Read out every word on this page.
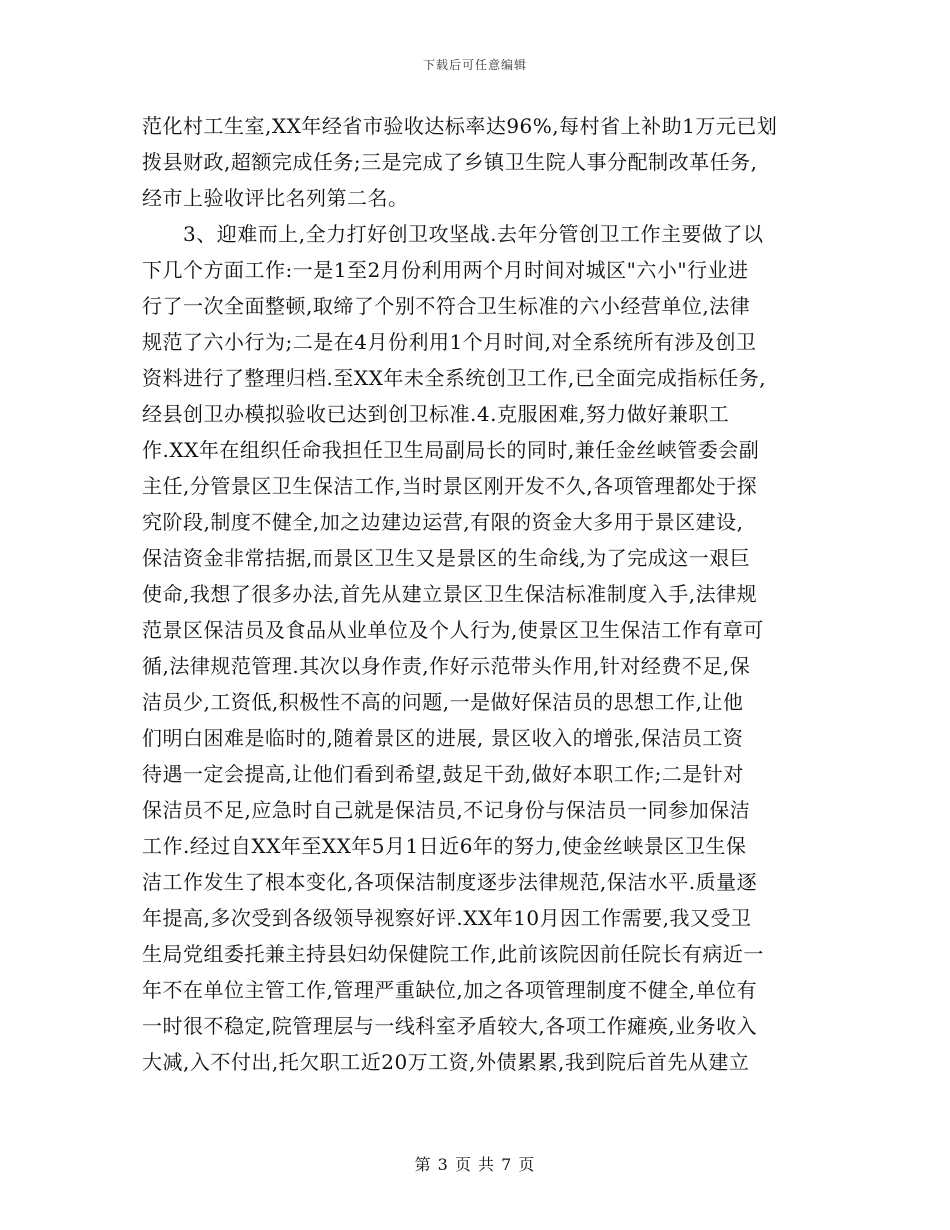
下载后可任意编辑
范化村工生室,XX年经省市验收达标率达96%,每村省上补助1万元已划
拨县财政,超额完成任务;三是完成了乡镇卫生院人事分配制改革任务,
经市上验收评比名列第二名。
　　3、迎难而上,全力打好创卫攻坚战.去年分管创卫工作主要做了以
下几个方面工作:一是1至2月份利用两个月时间对城区"六小"行业进
行了一次全面整顿,取缔了个别不符合卫生标准的六小经营单位,法律
规范了六小行为;二是在4月份利用1个月时间,对全系统所有涉及创卫
资料进行了整理归档.至XX年未全系统创卫工作,已全面完成指标任务,
经县创卫办模拟验收已达到创卫标准.4.克服困难,努力做好兼职工
作.XX年在组织任命我担任卫生局副局长的同时,兼任金丝峡管委会副
主任,分管景区卫生保洁工作,当时景区刚开发不久,各项管理都处于探
究阶段,制度不健全,加之边建边运营,有限的资金大多用于景区建设,
保洁资金非常拮据,而景区卫生又是景区的生命线,为了完成这一艰巨
使命,我想了很多办法,首先从建立景区卫生保洁标准制度入手,法律规
范景区保洁员及食品从业单位及个人行为,使景区卫生保洁工作有章可
循,法律规范管理.其次以身作责,作好示范带头作用,针对经费不足,保
洁员少,工资低,积极性不高的问题,一是做好保洁员的思想工作,让他
们明白困难是临时的,随着景区的进展, 景区收入的增张,保洁员工资
待遇一定会提高,让他们看到希望,鼓足干劲,做好本职工作;二是针对
保洁员不足,应急时自己就是保洁员,不记身份与保洁员一同参加保洁
工作.经过自XX年至XX年5月1日近6年的努力,使金丝峡景区卫生保
洁工作发生了根本变化,各项保洁制度逐步法律规范,保洁水平.质量逐
年提高,多次受到各级领导视察好评.XX年10月因工作需要,我又受卫
生局党组委托兼主持县妇幼保健院工作,此前该院因前任院长有病近一
年不在单位主管工作,管理严重缺位,加之各项管理制度不健全,单位有
一时很不稳定,院管理层与一线科室矛盾较大,各项工作瘫痪,业务收入
大减,入不付出,托欠职工近20万工资,外债累累,我到院后首先从建立
第 3 页 共 7 页
